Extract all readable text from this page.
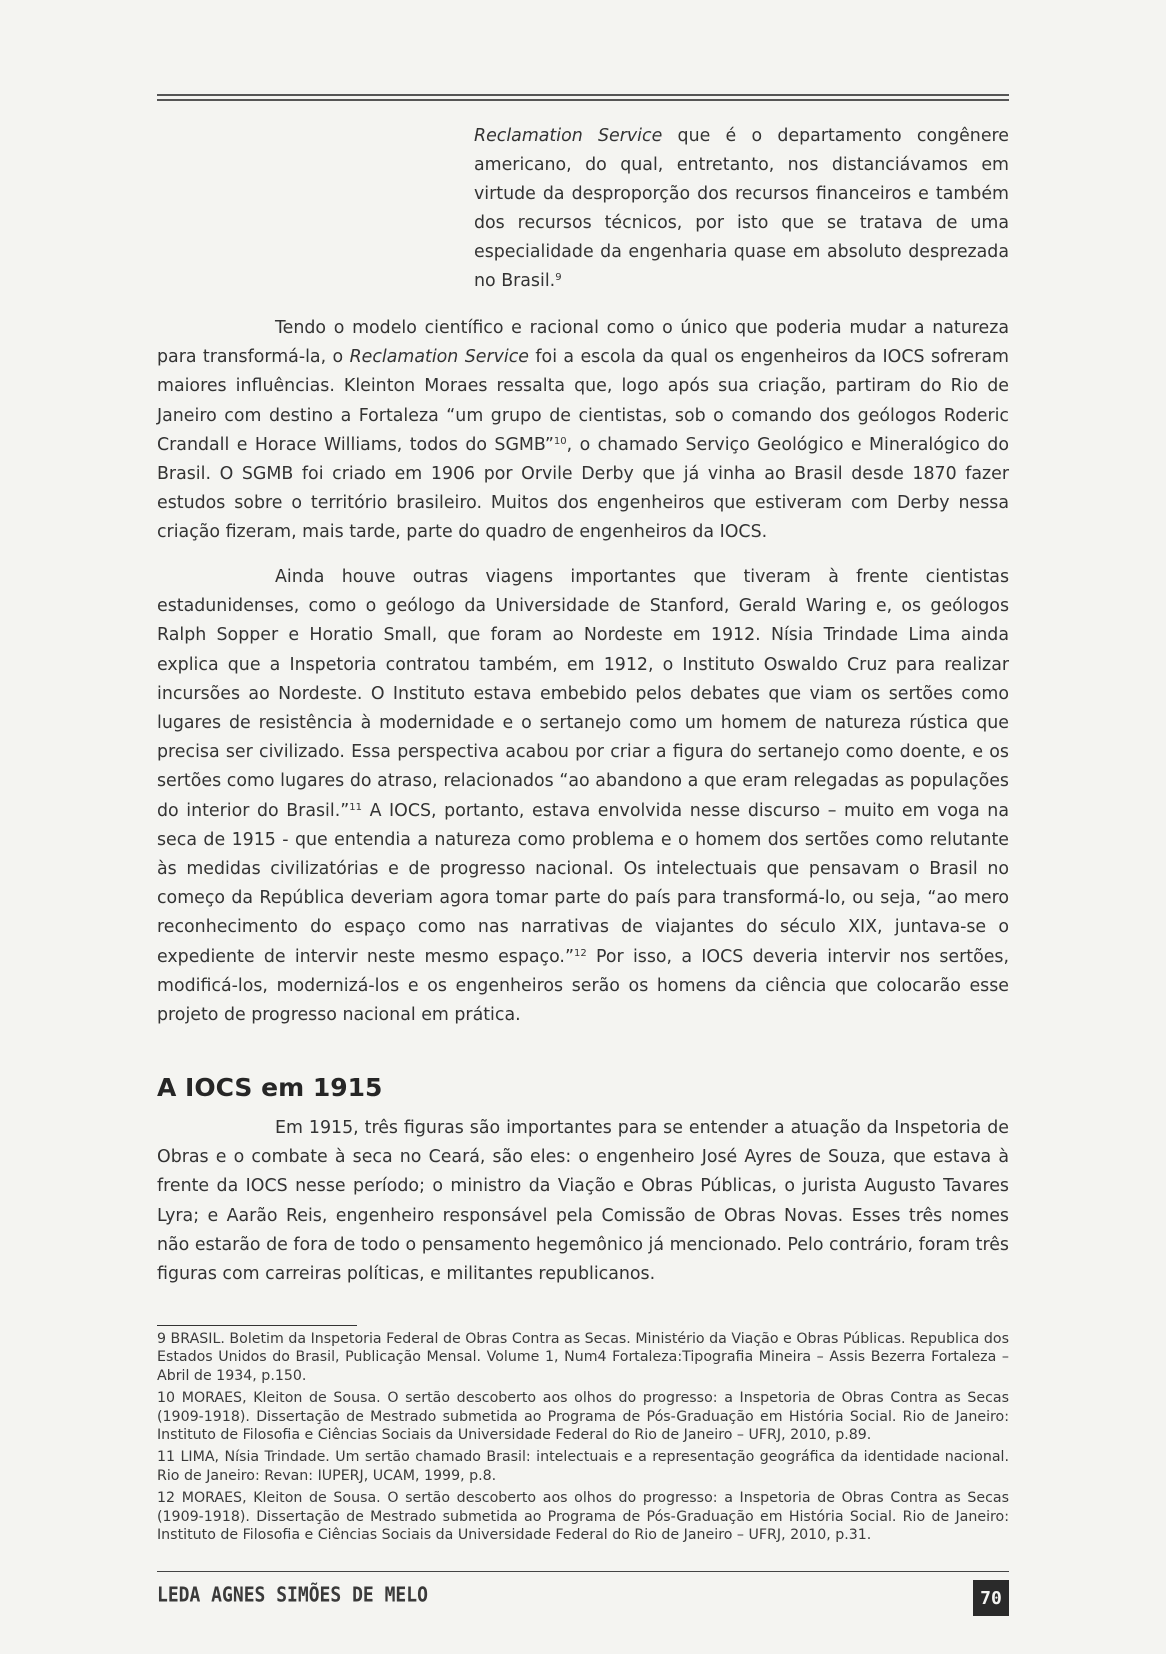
Reclamation Service que é o departamento congênere americano, do qual, entretanto, nos distanciávamos em virtude da desproporção dos recursos financeiros e também dos recursos técnicos, por isto que se tratava de uma especialidade da engenharia quase em absoluto desprezada no Brasil.$^9$

Tendo o modelo científico e racional como o único que poderia mudar a natureza para transformá-la, o Reclamation Service foi a escola da qual os engenheiros da IOCS sofreram maiores influências. Kleinton Moraes ressalta que, logo após sua criação, partiram do Rio de Janeiro com destino a Fortaleza “um grupo de cientistas, sob o comando dos geólogos Roderic Crandall e Horace Williams, todos do SGMB”$^{10}$, o chamado Serviço Geológico e Mineralógico do Brasil. O SGMB foi criado em 1906 por Orvile Derby que já vinha ao Brasil desde 1870 fazer estudos sobre o território brasileiro. Muitos dos engenheiros que estiveram com Derby nessa criação fizeram, mais tarde, parte do quadro de engenheiros da IOCS.

Ainda houve outras viagens importantes que tiveram à frente cientistas estadunidenses, como o geólogo da Universidade de Stanford, Gerald Waring e, os geólogos Ralph Sopper e Horatio Small, que foram ao Nordeste em 1912. Nísia Trindade Lima ainda explica que a Inspetoria contratou também, em 1912, o Instituto Oswaldo Cruz para realizar incursões ao Nordeste. O Instituto estava embebido pelos debates que viam os sertões como lugares de resistência à modernidade e o sertanejo como um homem de natureza rústica que precisa ser civilizado. Essa perspectiva acabou por criar a figura do sertanejo como doente, e os sertões como lugares do atraso, relacionados “ao abandono a que eram relegadas as populações do interior do Brasil.”$^{11}$ A IOCS, portanto, estava envolvida nesse discurso – muito em voga na seca de 1915 - que entendia a natureza como problema e o homem dos sertões como relutante às medidas civilizatórias e de progresso nacional. Os intelectuais que pensavam o Brasil no começo da República deveriam agora tomar parte do país para transformá-lo, ou seja, “ao mero reconhecimento do espaço como nas narrativas de viajantes do século XIX, juntava-se o expediente de intervir neste mesmo espaço.”$^{12}$ Por isso, a IOCS deveria intervir nos sertões, modificá-los, modernizá-los e os engenheiros serão os homens da ciência que colocarão esse projeto de progresso nacional em prática.

A IOCS em 1915

Em 1915, três figuras são importantes para se entender a atuação da Inspetoria de Obras e o combate à seca no Ceará, são eles: o engenheiro José Ayres de Souza, que estava à frente da IOCS nesse período; o ministro da Viação e Obras Públicas, o jurista Augusto Tavares Lyra; e Aarão Reis, engenheiro responsável pela Comissão de Obras Novas. Esses três nomes não estarão de fora de todo o pensamento hegemônico já mencionado. Pelo contrário, foram três figuras com carreiras políticas, e militantes republicanos.

9 BRASIL. Boletim da Inspetoria Federal de Obras Contra as Secas. Ministério da Viação e Obras Públicas. Republica dos Estados Unidos do Brasil, Publicação Mensal. Volume 1, Num4 Fortaleza:Tipografia Mineira – Assis Bezerra Fortaleza – Abril de 1934, p.150.

10 MORAES, Kleiton de Sousa. O sertão descoberto aos olhos do progresso: a Inspetoria de Obras Contra as Secas (1909-1918). Dissertação de Mestrado submetida ao Programa de Pós-Graduação em História Social. Rio de Janeiro: Instituto de Filosofia e Ciências Sociais da Universidade Federal do Rio de Janeiro – UFRJ, 2010, p.89.

11 LIMA, Nísia Trindade. Um sertão chamado Brasil: intelectuais e a representação geográfica da identidade nacional. Rio de Janeiro: Revan: IUPERJ, UCAM, 1999, p.8.

12 MORAES, Kleiton de Sousa. O sertão descoberto aos olhos do progresso: a Inspetoria de Obras Contra as Secas (1909-1918). Dissertação de Mestrado submetida ao Programa de Pós-Graduação em História Social. Rio de Janeiro: Instituto de Filosofia e Ciências Sociais da Universidade Federal do Rio de Janeiro – UFRJ, 2010, p.31.

LEDA AGNES SIMÕES DE MELO	70
